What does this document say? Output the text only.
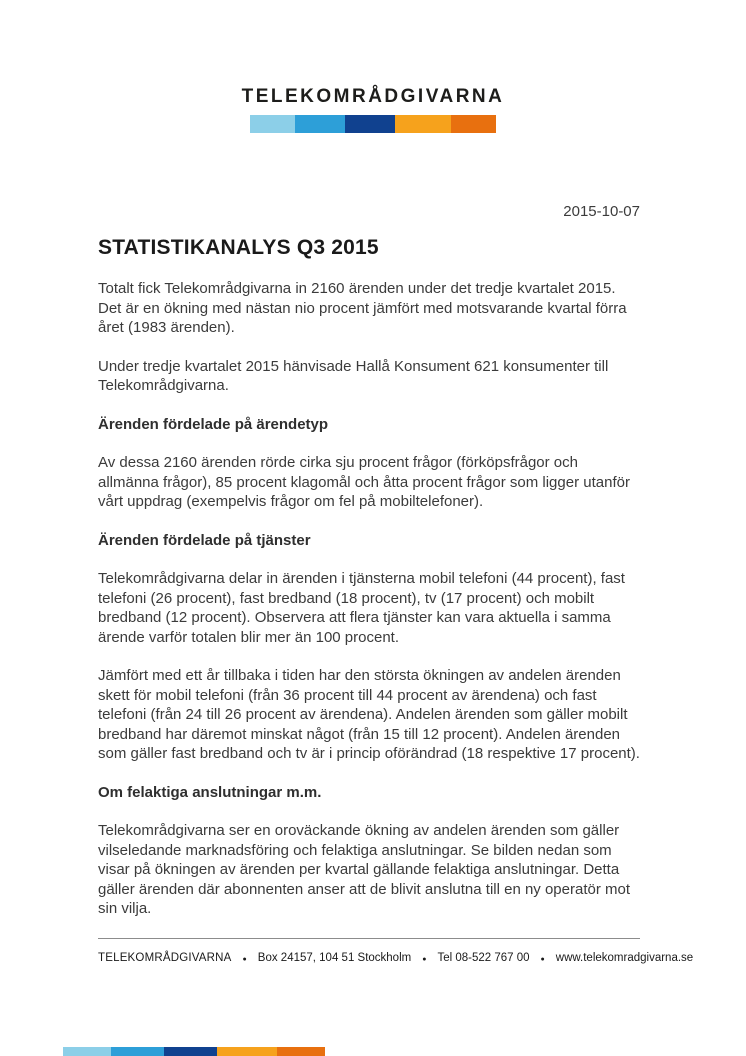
TELEKOMRÅDGIVARNA
2015-10-07
STATISTIKANALYS Q3 2015

Totalt fick Telekområdgivarna in 2160 ärenden under det tredje kvartalet 2015. Det är en ökning med nästan nio procent jämfört med motsvarande kvartal förra året (1983 ärenden).

Under tredje kvartalet 2015 hänvisade Hallå Konsument 621 konsumenter till Telekområdgivarna.

Ärenden fördelade på ärendetyp

Av dessa 2160 ärenden rörde cirka sju procent frågor (förköpsfrågor och allmänna frågor), 85 procent klagomål och åtta procent frågor som ligger utanför vårt uppdrag (exempelvis frågor om fel på mobiltelefoner).

Ärenden fördelade på tjänster

Telekområdgivarna delar in ärenden i tjänsterna mobil telefoni (44 procent), fast telefoni (26 procent), fast bredband (18 procent), tv (17 procent) och mobilt bredband (12 procent). Observera att flera tjänster kan vara aktuella i samma ärende varför totalen blir mer än 100 procent.

Jämfört med ett år tillbaka i tiden har den största ökningen av andelen ärenden skett för mobil telefoni (från 36 procent till 44 procent av ärendena) och fast telefoni (från 24 till 26 procent av ärendena). Andelen ärenden som gäller mobilt bredband har däremot minskat något (från 15 till 12 procent). Andelen ärenden som gäller fast bredband och tv är i princip oförändrad (18 respektive 17 procent).

Om felaktiga anslutningar m.m.

Telekområdgivarna ser en oroväckande ökning av andelen ärenden som gäller vilseledande marknadsföring och felaktiga anslutningar. Se bilden nedan som visar på ökningen av ärenden per kvartal gällande felaktiga anslutningar. Detta gäller ärenden där abonnenten anser att de blivit anslutna till en ny operatör mot sin vilja.

TELEKOMRÅDGIVARNA ● Box 24157, 104 51 Stockholm ● Tel 08-522 767 00 ● www.telekomradgivarna.se
